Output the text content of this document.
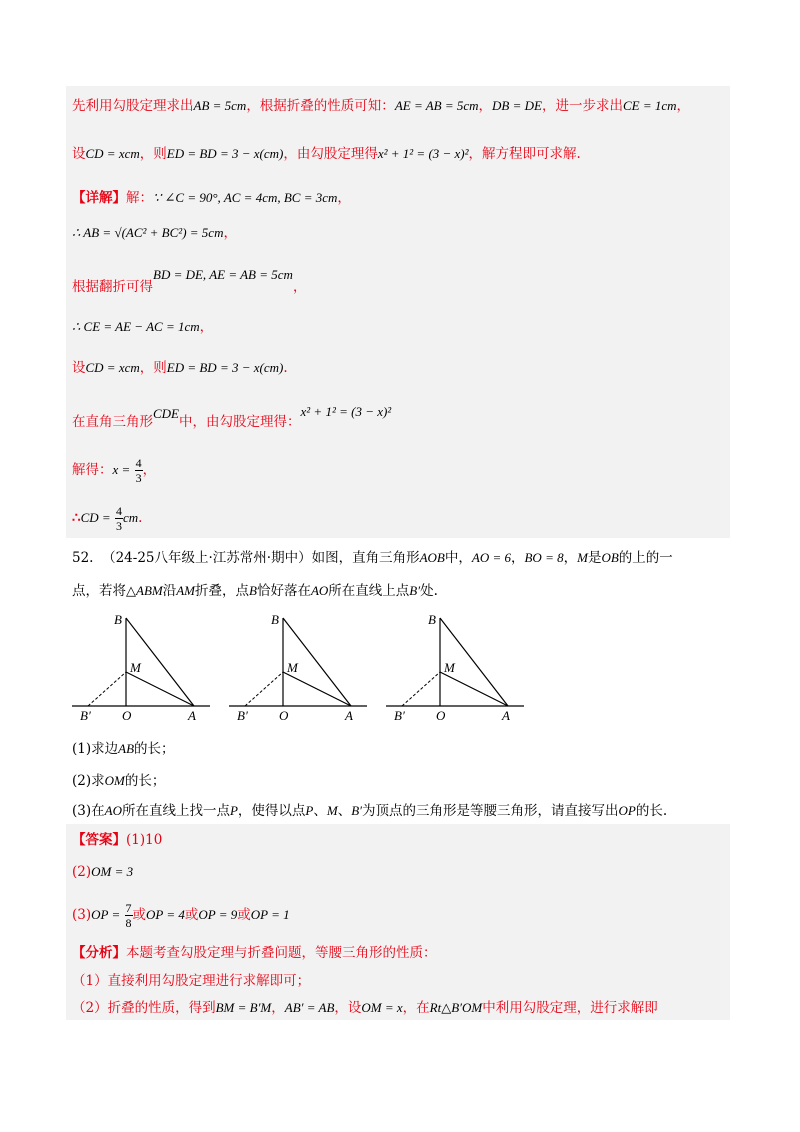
先利用勾股定理求出AB = 5cm，根据折叠的性质可知：AE = AB = 5cm，DB = DE，进一步求出CE = 1cm，
设CD = xcm，则ED = BD = 3 − x(cm)，由勾股定理得x² + 1² = (3 − x)²，解方程即可求解.
【详解】解：∵ ∠C = 90°, AC = 4cm, BC = 3cm，
∴ AB = √(AC² + BC²) = 5cm，
根据翻折可得BD = DE, AE = AB = 5cm，
∴ CE = AE − AC = 1cm，
设CD = xcm，则ED = BD = 3 − x(cm).
在直角三角形CDE中，由勾股定理得：x² + 1² = (3 − x)²
解得：$x = \frac{4}{3}$ ，
∴CD = $\frac{4}{3}$ cm.
52. （24-25八年级上·江苏常州·期中）如图，直角三角形AOB中，AO = 6，BO = 8，M是OB的上的一
点，若将△ABM沿AM折叠，点B恰好落在AO所在直线上点B′处.
B
M
B′ O	A
B
M
B′ O	A
B
M
B′ O	A
(1)求边AB的长；
(2)求OM的长；
(3)在AO所在直线上找一点P，使得以点P、M、B′为顶点的三角形是等腰三角形，请直接写出OP的长.
【答案】(1)10
(2)OM = 3
$(3)OP = \frac{7}{8}$ 或OP = 4或OP = 9或OP = 1
【分析】本题考查勾股定理与折叠问题，等腰三角形的性质：
（1）直接利用勾股定理进行求解即可；
（2）折叠的性质，得到BM = B′M，AB′ = AB，设OM = x，在Rt△B′OM中利用勾股定理，进行求解即
